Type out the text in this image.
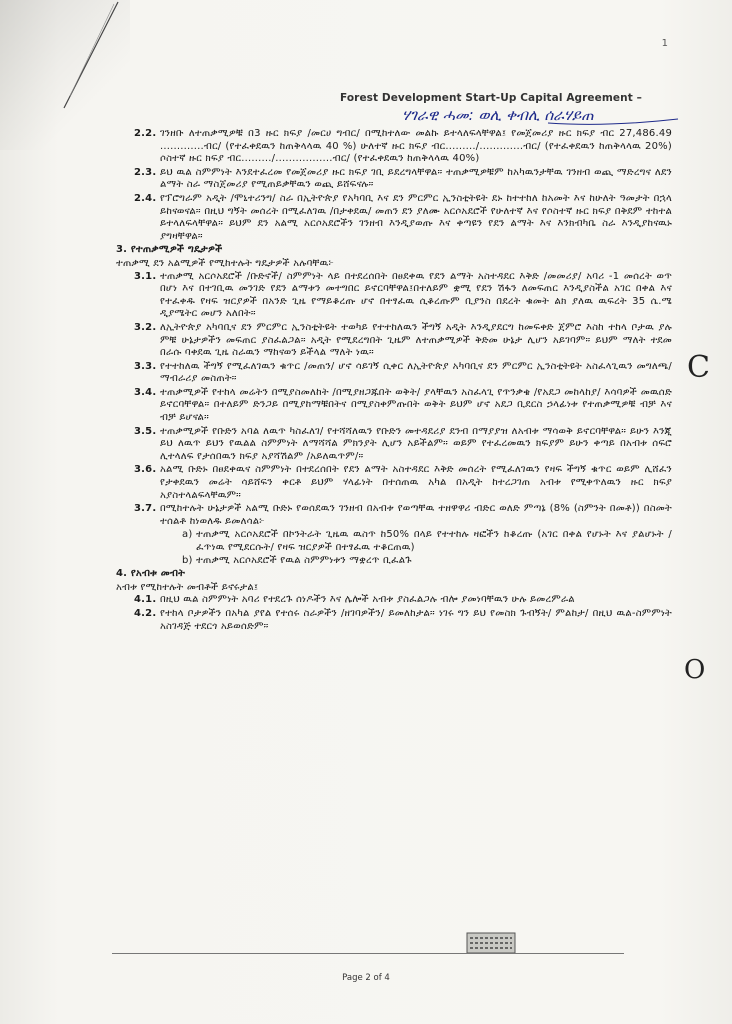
1
Forest Development Start-Up Capital Agreement –
ሃገራዊ ሓመ: ወሊ ቀብሊ ሰራሃይጠ
2.2. ገንዘቡ ለተጠቃሚዎቹ በ3 ዙር ክፍያ /መርሀ ግብር/ በሚከተለው መልኩ ይተላለፍላቸዋል፤ የመጀመሪያ ዙር ክፍያ ብር 27,486.49 .............ብር/ (የተፈቀደዉን ከጠቅላላዉ 40 %) ሁለተኛ ዙር ክፍያ ብር........./.............ብር/ (የተፈቀደዉን ከጠቅላላዉ 20%) ሶስተኛ ዙር ክፍያ ብር........./.................ብር/ (የተፈቀደዉን ከጠቅላላዉ 40%)
2.3. ይህ ዉል ስምምነት እንደተፈረመ የመጀመሪያ ዙር ክፍያ ገቢ ይደረግላቸዋል። ተጠቃሚዎቹም ከአካዉንታቸዉ ገንዘብ ወጪ ማድረግና ለደን ልማት ስራ ማስጀመሪያ የሚጠይቃቸዉን ወጪ ይሸፍናሉ።
2.4. የፕሮግራም አዲት /ሞኒተሪንግ/ ስራ በኢትዮጵያ የአካባቢ እና ደን ምርምር ኢንስቲትዩት ደኑ ከተተከለ ከአመት እና ከሁለት ዓመታት በኋላ ይከናወናል። በዚህ ግኝት መሰረት በሚፈለገዉ /በታቀደዉ/ መጠን ደን ያለሙ አርሶአደሮች የሁለተኛ እና የሶስተኛ ዙር ክፍያ በቅደም ተከተል ይተላለፍላቸዋል። ይህም ደን አልሚ አርሶአደሮችን ገንዘብ እንዲያወጡ እና ቀጣዩን የደን ልማት እና እንክብካቤ ስራ እንዲያከናዉኑ ያግዛቸዋል።
3. የተጠቃሚዎች ግዴታዎች
ተጠቃሚ ደን አልሚዎች የሚከተሉት ግዴታዎች አሉባቸዉ፦
3.1. ተጠቃሚ አርሶአደሮች /ቡድኖች/ ስምምነት ላይ በተደረሰበት በፀደቀዉ የደን ልማት አስተዳደር እቅድ /መመሪያ/ አባሪ -1 መሰረት ወጥ በሆነ እና በተገቢዉ መንገድ የደን ልማቱን መተግበር ይኖርባቸዋል፤በተለይም ቋሚ የደን ሽፋን ለመፍጠር እንዲያስችል አገር በቀል እና የተፈቀዱ የዛፍ ዝርያዎች በአንድ ጊዜ የማይቆረጡ ሆኖ በተፃፈዉ ሲቆረጡም ቢያንስ በደረት ቁመት ልክ ያለዉ ዉፍረት 35 ሴ.ሜ ዲያሜትር መሆን አለበት።
3.2. ለኢትዮጵያ አካባቢና ደን ምርምር ኢንስቲትዩት ተወካይ የተተከለዉን ችግኝ አዲት እንዲያደርግ ከመፍቀድ ጀምሮ እስከ ተከላ ቦታዉ ያሉ ምቹ ሁኔታዎችን መፍጠር ያስፈልጋል። አዲት የሚደረግበት ጊዜም ለተጠቃሚዎች ቅድመ ሁኔታ ሊሆን አይገባም። ይህም ማለት ተደመ በራሱ ባቀደዉ ጊዜ ስራዉን ማከናወን ይችላል ማለት ነዉ።
3.3. የተተከለዉ ችግኝ የሚፈለገዉን ቁጥር /መጠን/ ሆኖ ሳይገኝ ሲቀር ለኢትዮጵያ አካባቢና ደን ምርምር ኢንስቲትዩት አስፈላጊዉን መግለጫ/ማብራሪያ መስጠት።
3.4. ተጠቃሚዎች የተከላ መሬትን በሚያስመለከት /በሚያዘጋጁበት ወቅት/ ያላቸዉን አስፈላጊ የጥንቃቄ /የአደጋ መከላከያ/ እሳባዎች መዉሰድ ይኖርባቸዋል። በተለይም ድንጋይ በሚያከማቹበትና በሚያስቀምጡበት ወቅት ይህም ሆኖ አደጋ ቢደርስ ኃላፊነቱ የተጠቃሚዎቹ ብቻ እና ብቻ ይሆናል።
3.5. ተጠቃሚዎች የቡድን አባል ለዉጥ ካስፈለገ/ የተሻሻለዉን የቡድን መተዳደሪያ ደንብ በማያያዝ ለአብቱ ማሳወቅ ይኖርባቸዋል። ይሁን እንጂ ይህ ለዉጥ ይህን የዉልል ስምምነት ለማሻሻል ምክንያት ሊሆን አይችልም። ወይም የተፈረመዉን ክፍያም ይሁን ቀጣይ በአብቱ ሰፍሮ ሊተላለፍ የታሰበዉን ክፍያ አያሻሽልም /አይለዉጥም/።
3.6. አልሚ ቡድኑ በፀደቀዉና ስምምነት በተደረሰበት የደን ልማት አስተዳደር እቅድ መሰረት የሚፈለገዉን የዛፍ ችግኝ ቁጥር ወይም ሊሸፈን የታቀደዉን መሬት ሳይሸፍን ቀርቶ ይህም ሃላፊነት በተሰጠዉ አካል በአዲት ከተረጋገጠ አብቱ የሚቀጥለዉን ዙር ክፍያ አያስተላልፍላቸዉም።
3.7. በሚከተሉት ሁኔታዎች አልሚ ቡድኑ የወሰደዉን ገንዘብ በአብቱ የወጣቸዉ ተዘዋዋሪ ብድር ወለድ ምጣኔ (8% (ስምንት በመቶ)) በስመት ተሰልቶ ከነወለዱ ይመለሳል፦
a) ተጠቃሚ አርሶአደሮች በኮንትራት ጊዜዉ ዉስጥ ከ50% በላይ የተተከሉ ዛፎችን ከቆረጡ (አገር በቀል የሆኑት እና ያልሆኑት /ፈጥነዉ የሚደርሱት/ የዛፍ ዝርያዎች በተፃፈዉ ተቆርጠዉ)
b) ተጠቃሚ አርሶአደሮች የዉል ስምምነቱን ማቋረጥ ቢፈልጉ
4. የአብቱ መብት
አብቱ የሚከተሉት መብቶች ይኖሩታል፤
4.1. በዚህ ዉል ስምምነት አባሪ የተደረጉ ሰነዶችን እና ሌሎች አብቱ ያስፈልጋሉ ብሎ ያመነባቸዉን ሁሉ ይመረምራል
4.2. የተከላ ቦታዎችን በአካል ያየል የተሰሩ ስራዎችን /ዘገባዎችን/ ይመለከታል። ነገሩ ግን ይህ የመስክ ጉብኝት/ ምልከታ/ በዚህ ዉል-ስምምነት አስገዳጅ ተደርጎ አይወሰድም።
C
O
Page 2 of 4
